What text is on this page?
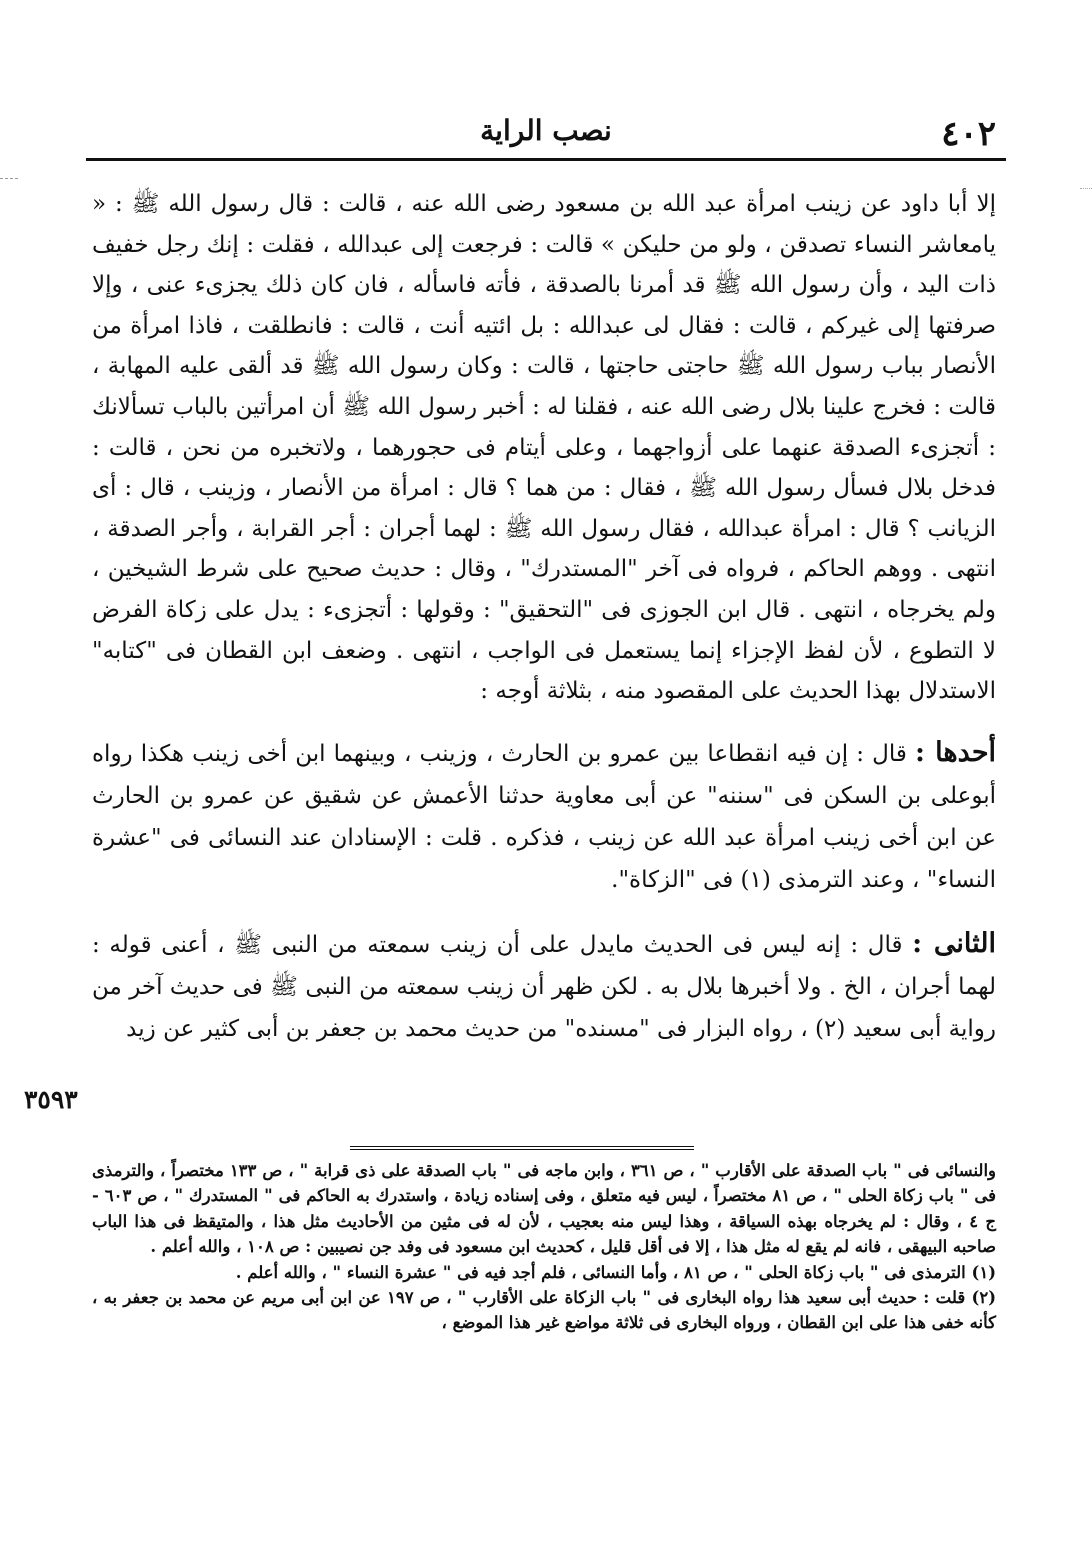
٤٠٢
نصب الراية

إلا أبا داود عن زينب امرأة عبد الله بن مسعود رضى الله عنه ، قالت : قال رسول الله ﷺ : « يامعاشر النساء تصدقن ، ولو من حليكن » قالت : فرجعت إلى عبدالله ، فقلت : إنك رجل خفيف ذات اليد ، وأن رسول الله ﷺ قد أمرنا بالصدقة ، فأته فاسأله ، فان كان ذلك يجزىء عنى ، وإلا صرفتها إلى غيركم ، قالت : فقال لى عبدالله : بل ائتيه أنت ، قالت : فانطلقت ، فاذا امرأة من الأنصار بباب رسول الله ﷺ حاجتى حاجتها ، قالت : وكان رسول الله ﷺ قد ألقى عليه المهابة ، قالت : فخرج علينا بلال رضى الله عنه ، فقلنا له : أخبر رسول الله ﷺ أن امرأتين بالباب تسألانك : أتجزىء الصدقة عنهما على أزواجهما ، وعلى أيتام فى حجورهما ، ولاتخبره من نحن ، قالت : فدخل بلال فسأل رسول الله ﷺ ، فقال : من هما ؟ قال : امرأة من الأنصار ، وزينب ، قال : أى الزيانب ؟ قال : امرأة عبدالله ، فقال رسول الله ﷺ : لهما أجران : أجر القرابة ، وأجر الصدقة ، انتهى . ووهم الحاكم ، فرواه فى آخر "المستدرك" ، وقال : حديث صحيح على شرط الشيخين ، ولم يخرجاه ، انتهى . قال ابن الجوزى فى "التحقيق" : وقولها : أتجزىء : يدل على زكاة الفرض لا التطوع ، لأن لفظ الإجزاء إنما يستعمل فى الواجب ، انتهى . وضعف ابن القطان فى "كتابه" الاستدلال بهذا الحديث على المقصود منه ، بثلاثة أوجه :

أحدها : قال : إن فيه انقطاعا بين عمرو بن الحارث ، وزينب ، وبينهما ابن أخى زينب هكذا رواه أبوعلى بن السكن فى "سننه" عن أبى معاوية حدثنا الأعمش عن شقيق عن عمرو بن الحارث عن ابن أخى زينب امرأة عبد الله عن زينب ، فذكره . قلت : الإسنادان عند النسائى فى "عشرة النساء" ، وعند الترمذى (١) فى "الزكاة".

الثانى : قال : إنه ليس فى الحديث مايدل على أن زينب سمعته من النبى ﷺ ، أعنى قوله : لهما أجران ، الخ . ولا أخبرها بلال به . لكن ظهر أن زينب سمعته من النبى ﷺ فى حديث آخر من رواية أبى سعيد (٢) ، رواه البزار فى "مسنده" من حديث محمد بن جعفر بن أبى كثير عن زيد

٣٥٩٣

والنسائى فى " باب الصدقة على الأقارب " ، ص ٣٦١ ، وابن ماجه فى " باب الصدقة على ذى قرابة " ، ص ١٣٣ مختصراً ، والترمذى فى " باب زكاة الحلى " ، ص ٨١ مختصراً ، ليس فيه متعلق ، وفى إسناده زيادة ، واستدرك به الحاكم فى " المستدرك " ، ص ٦٠٣ - ج ٤ ، وقال : لم يخرجاه بهذه السياقة ، وهذا ليس منه بعجيب ، لأن له فى مثين من الأحاديث مثل هذا ، والمتيقظ فى هذا الباب صاحبه البيهقى ، فانه لم يقع له مثل هذا ، إلا فى أقل قليل ، كحديث ابن مسعود فى وفد جن نصيبين : ص ١٠٨ ، والله أعلم .

(١) الترمذى فى " باب زكاة الحلى " ، ص ٨١ ، وأما النسائى ، فلم أجد فيه فى " عشرة النساء " ، والله أعلم .

(٢) قلت : حديث أبى سعيد هذا رواه البخارى فى " باب الزكاة على الأقارب " ، ص ١٩٧ عن ابن أبى مريم عن محمد بن جعفر به ، كأنه خفى هذا على ابن القطان ، ورواه البخارى فى ثلاثة مواضع غير هذا الموضع ،
